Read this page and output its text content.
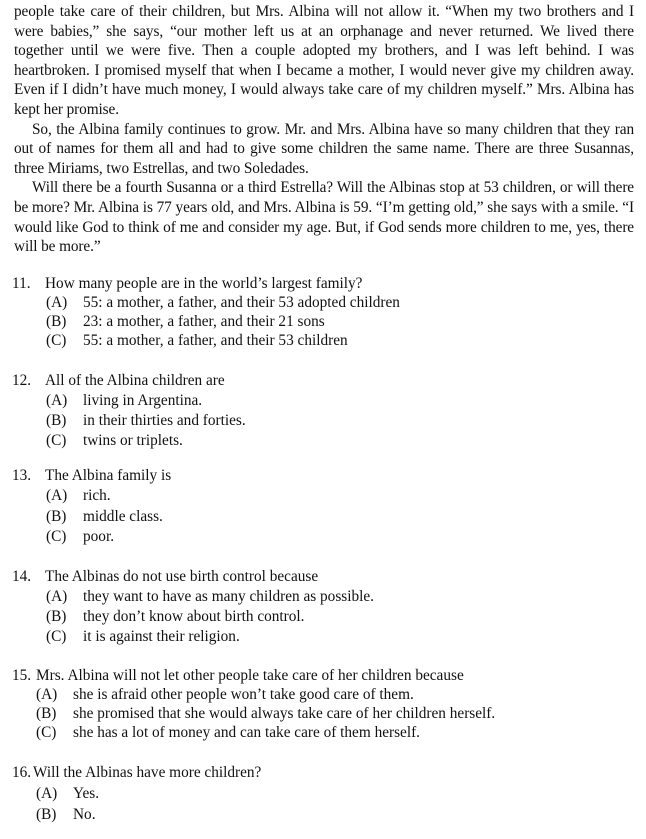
people take care of their children, but Mrs. Albina will not allow it. “When my two brothers and I were babies,” she says, “our mother left us at an orphanage and never returned. We lived there together until we were five. Then a couple adopted my brothers, and I was left behind. I was heartbroken. I promised myself that when I became a mother, I would never give my children away. Even if I didn’t have much money, I would always take care of my children myself.” Mrs. Albina has kept her promise.

So, the Albina family continues to grow. Mr. and Mrs. Albina have so many children that they ran out of names for them all and had to give some children the same name. There are three Susannas, three Miriams, two Estrellas, and two Soledades.

Will there be a fourth Susanna or a third Estrella? Will the Albinas stop at 53 children, or will there be more? Mr. Albina is 77 years old, and Mrs. Albina is 59. “I’m getting old,” she says with a smile. “I would like God to think of me and consider my age. But, if God sends more children to me, yes, there will be more.”

11. How many people are in the world’s largest family?
(A) 55: a mother, a father, and their 53 adopted children
(B) 23: a mother, a father, and their 21 sons
(C) 55: a mother, a father, and their 53 children
12. All of the Albina children are
(A) living in Argentina.
(B) in their thirties and forties.
(C) twins or triplets.
13. The Albina family is
(A) rich.
(B) middle class.
(C) poor.
14. The Albinas do not use birth control because
(A) they want to have as many children as possible.
(B) they don’t know about birth control.
(C) it is against their religion.
15. Mrs. Albina will not let other people take care of her children because
(A) she is afraid other people won’t take good care of them.
(B) she promised that she would always take care of her children herself.
(C) she has a lot of money and can take care of them herself.
16. Will the Albinas have more children?
(A) Yes.
(B) No.
